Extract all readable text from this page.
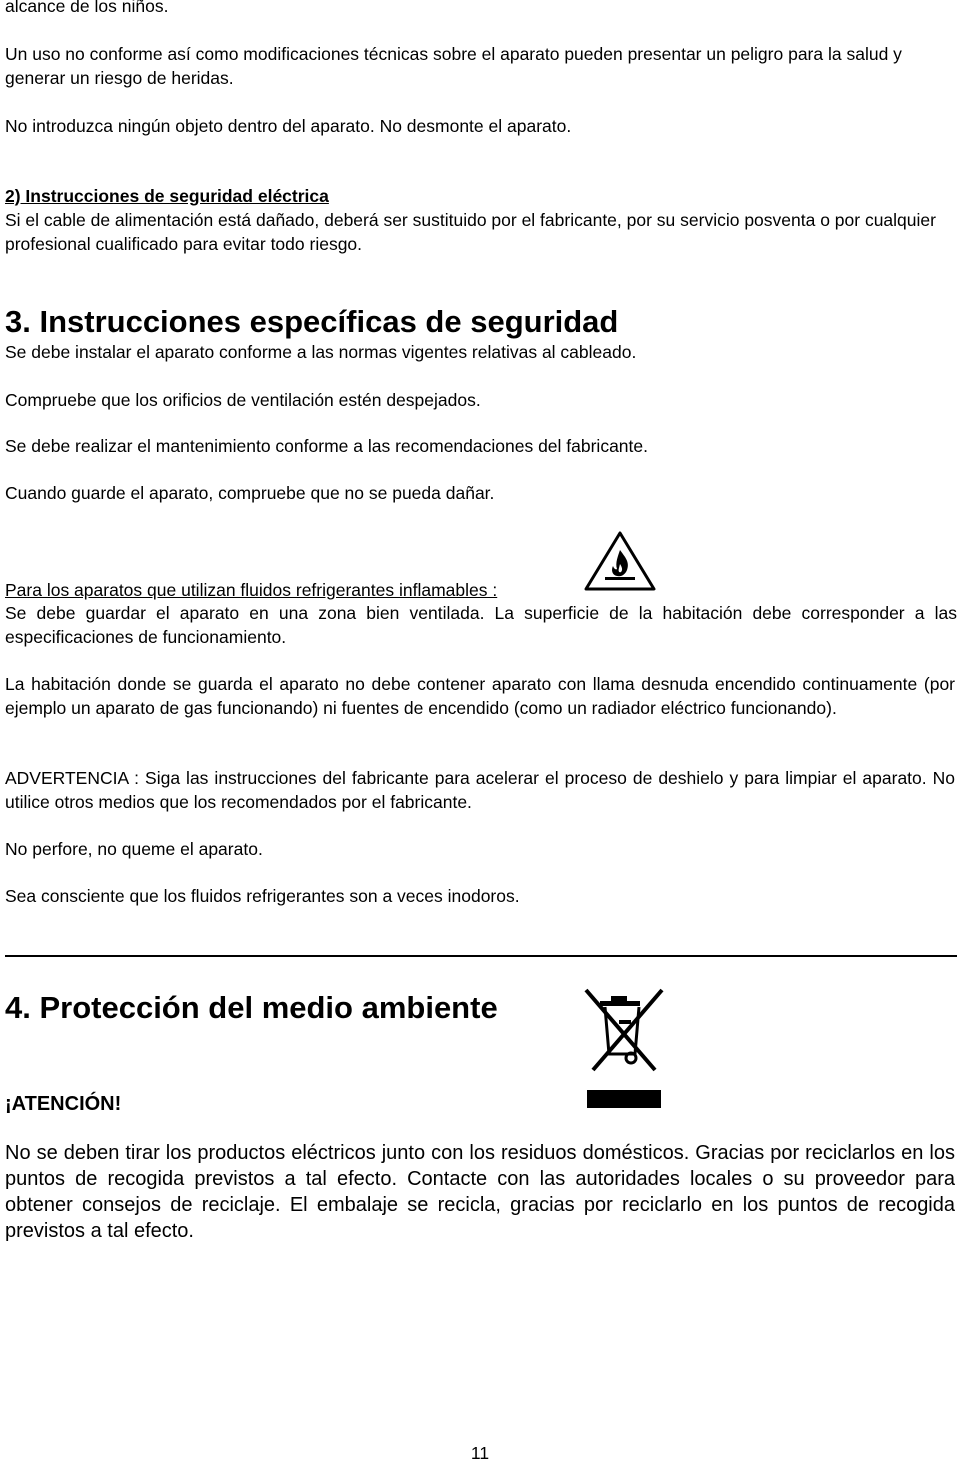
alcance de los niños.

Un uso no conforme así como modificaciones técnicas sobre el aparato pueden presentar un peligro para la salud y generar un riesgo de heridas.

No introduzca ningún objeto dentro del aparato. No desmonte el aparato.

2) Instrucciones de seguridad eléctrica

Si el cable de alimentación está dañado, deberá ser sustituido por el fabricante, por su servicio posventa o por cualquier profesional cualificado para evitar todo riesgo.

3. Instrucciones específicas de seguridad

Se debe instalar el aparato conforme a las normas vigentes relativas al cableado.

Compruebe que los orificios de ventilación estén despejados.

Se debe realizar el mantenimiento conforme a las recomendaciones del fabricante.

Cuando guarde el aparato, compruebe que no se pueda dañar.

Para los aparatos que utilizan fluidos refrigerantes inflamables :

Se debe guardar el aparato en una zona bien ventilada. La superficie de la habitación debe corresponder a las especificaciones de funcionamiento.

La habitación donde se guarda el aparato no debe contener aparato con llama desnuda encendido continuamente (por ejemplo un aparato de gas funcionando) ni fuentes de encendido (como un radiador eléctrico funcionando).

ADVERTENCIA : Siga las instrucciones del fabricante para acelerar el proceso de deshielo y para limpiar el aparato. No utilice otros medios que los recomendados por el fabricante.

No perfore, no queme el aparato.

Sea consciente que los fluidos refrigerantes son a veces inodoros.

4. Protección del medio ambiente

¡ATENCIÓN!

No se deben tirar los productos eléctricos junto con los residuos domésticos. Gracias por reciclarlos en los puntos de recogida previstos a tal efecto. Contacte con las autoridades locales o su proveedor para obtener consejos de reciclaje. El embalaje se recicla, gracias por reciclarlo en los puntos de recogida previstos a tal efecto.

11
